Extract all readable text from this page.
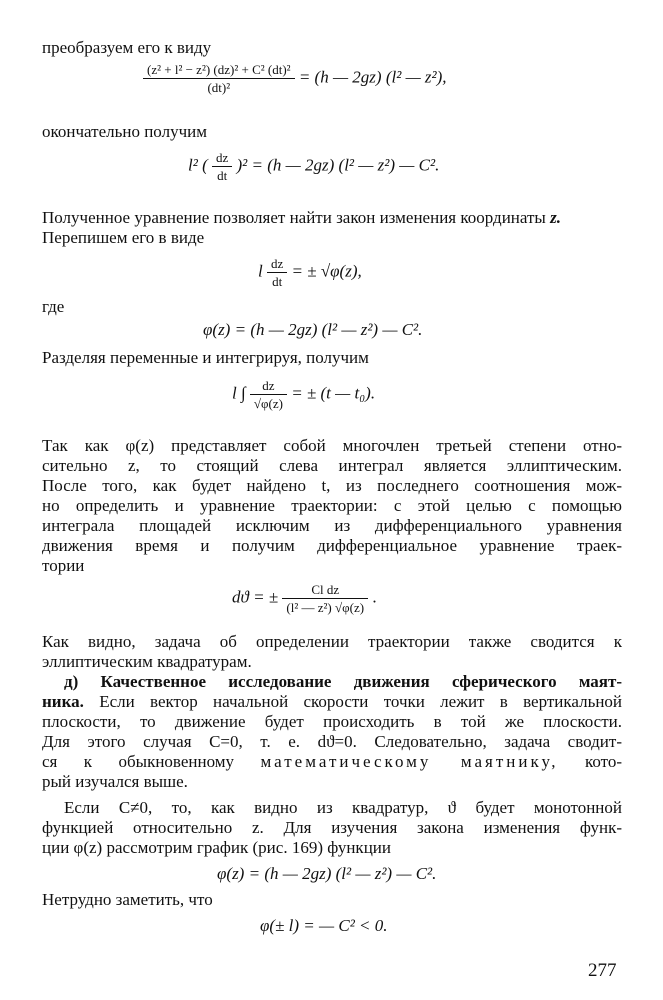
преобразуем его к виду
$\frac{\text{(z² + l² − z²) (dz)² + C² (dt)²}}{\text{(dt)²}} = (h$ — 2gz) (l² — z²),
окончательно получим
l² ( $\frac{dz}{dt} )^2 = (h$ — 2gz) (l² — z²) — C².
Полученное уравнение позволяет найти закон изменения координаты z.
Перепишем его в виде
l $\frac{dz}{dt}$ = ± √φ(z),
где
φ(z) = (h — 2gz) (l² — z²) — C².
Разделяя переменные и интегрируя, получим
l ∫ $\frac{dz}{√\varphi(z)}$ = ± (t — t₀).
Так как φ(z) представляет собой многочлен третьей степени отно-
сительно z, то стоящий слева интеграл является эллиптическим.
После того, как будет найдено t, из последнего соотношения мож-
но определить и уравнение траектории: с этой целью с помощью
интеграла площадей исключим из дифференциального уравнения
движения время и получим дифференциальное уравнение траек-
тории
dϑ = ± $\frac{\text{Cl dz}}{\text{(l² — z²) √φ(z)}}$ .
Как видно, задача об определении траектории также сводится к
эллиптическим квадратурам.
д) Качественное исследование движения сферического маят-
ника. Если вектор начальной скорости точки лежит в вертикальной
плоскости, то движение будет происходить в той же плоскости.
Для этого случая C=0, т. е. dϑ=0. Следовательно, задача сводит-
ся к обыкновенному математическому маятнику, кото-
рый изучался выше.
Если C≠0, то, как видно из квадратур, ϑ будет монотонной
функцией относительно z. Для изучения закона изменения функ-
ции φ(z) рассмотрим график (рис. 169) функции
φ(z) = (h — 2gz) (l² — z²) — C².
Нетрудно заметить, что
φ(± l) = — C² < 0.
277
